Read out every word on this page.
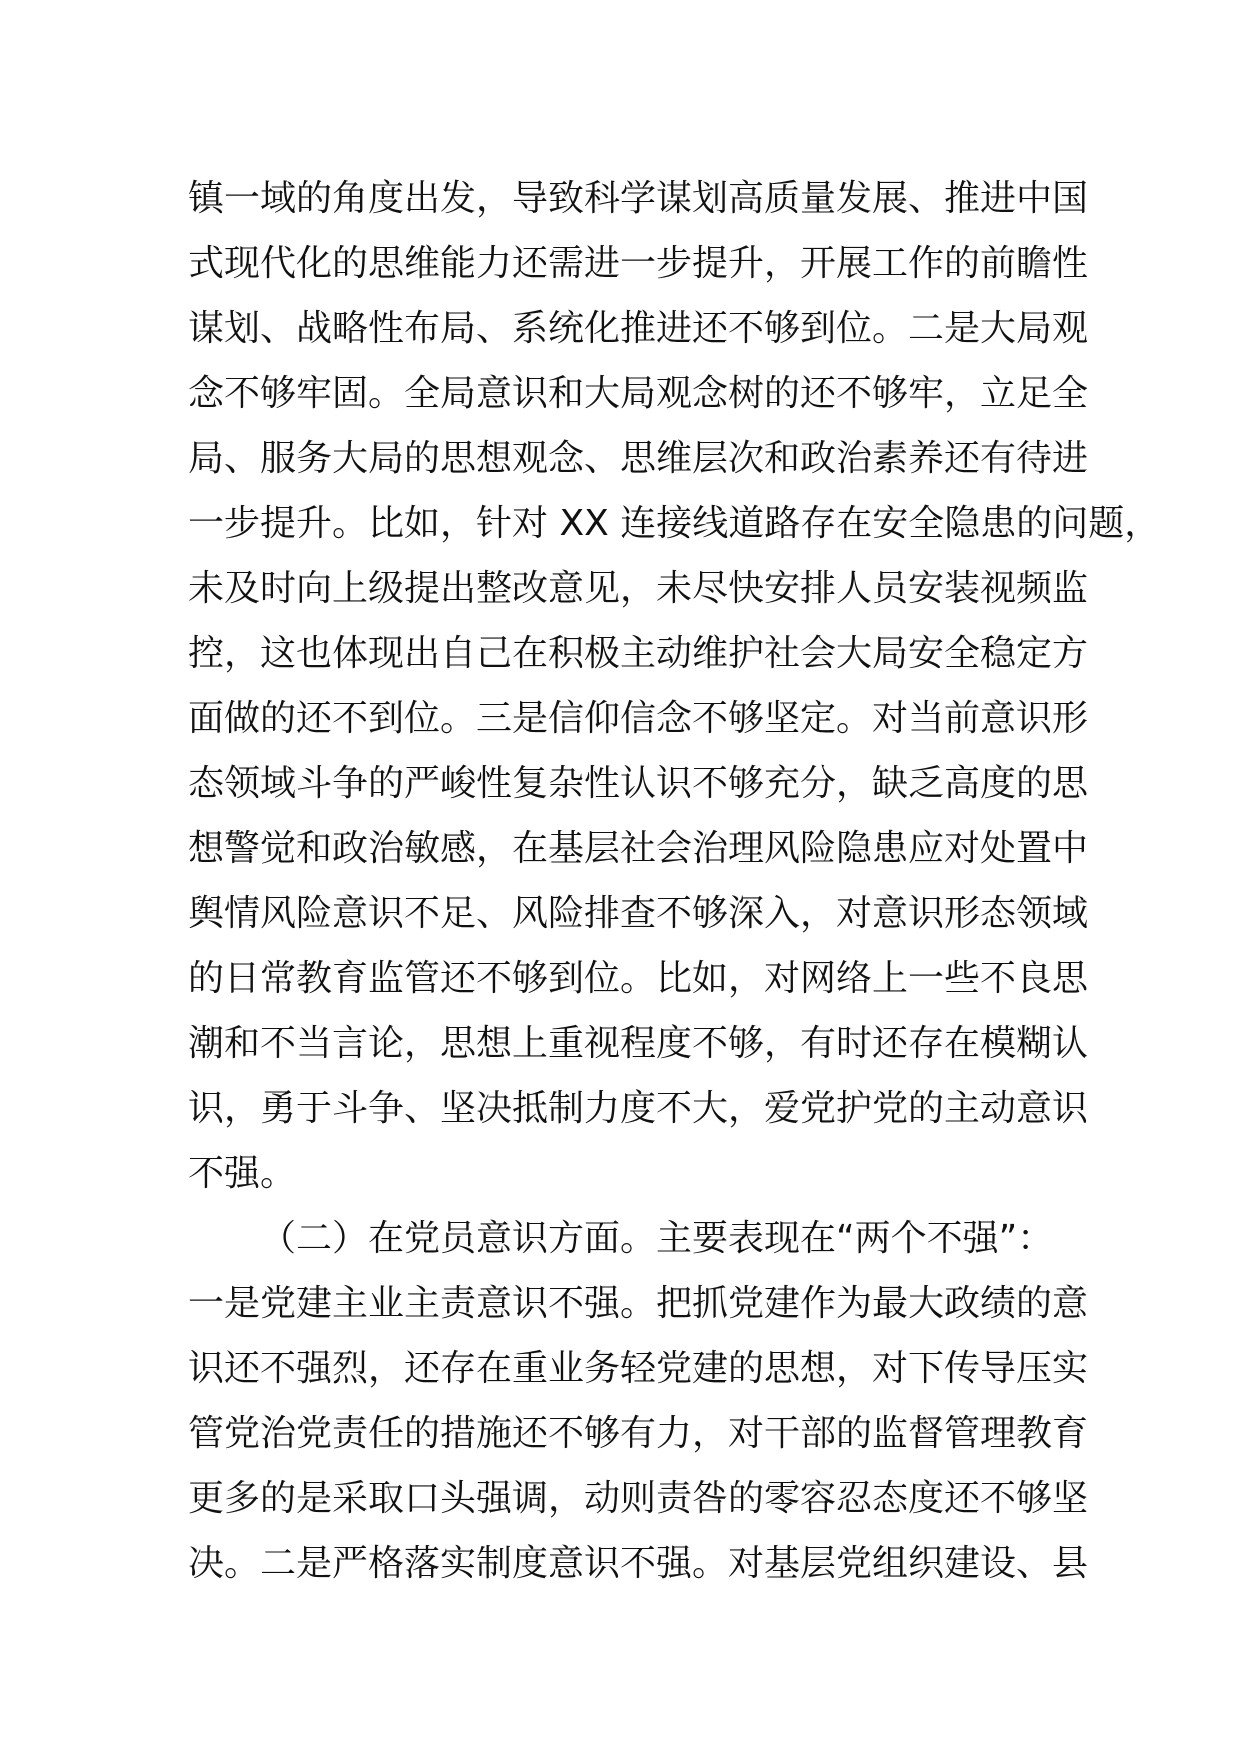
镇一域的角度出发，导致科学谋划高质量发展、推进中国
式现代化的思维能力还需进一步提升，开展工作的前瞻性
谋划、战略性布局、系统化推进还不够到位。二是大局观
念不够牢固。全局意识和大局观念树的还不够牢，立足全
局、服务大局的思想观念、思维层次和政治素养还有待进
一步提升。比如，针对 XX 连接线道路存在安全隐患的问题，
未及时向上级提出整改意见，未尽快安排人员安装视频监
控，这也体现出自己在积极主动维护社会大局安全稳定方
面做的还不到位。三是信仰信念不够坚定。对当前意识形
态领域斗争的严峻性复杂性认识不够充分，缺乏高度的思
想警觉和政治敏感，在基层社会治理风险隐患应对处置中
舆情风险意识不足、风险排查不够深入，对意识形态领域
的日常教育监管还不够到位。比如，对网络上一些不良思
潮和不当言论，思想上重视程度不够，有时还存在模糊认
识，勇于斗争、坚决抵制力度不大，爱党护党的主动意识
不强。
（二）在党员意识方面。主要表现在“两个不强”：
一是党建主业主责意识不强。把抓党建作为最大政绩的意
识还不强烈，还存在重业务轻党建的思想，对下传导压实
管党治党责任的措施还不够有力，对干部的监督管理教育
更多的是采取口头强调，动则责咎的零容忍态度还不够坚
决。二是严格落实制度意识不强。对基层党组织建设、县
